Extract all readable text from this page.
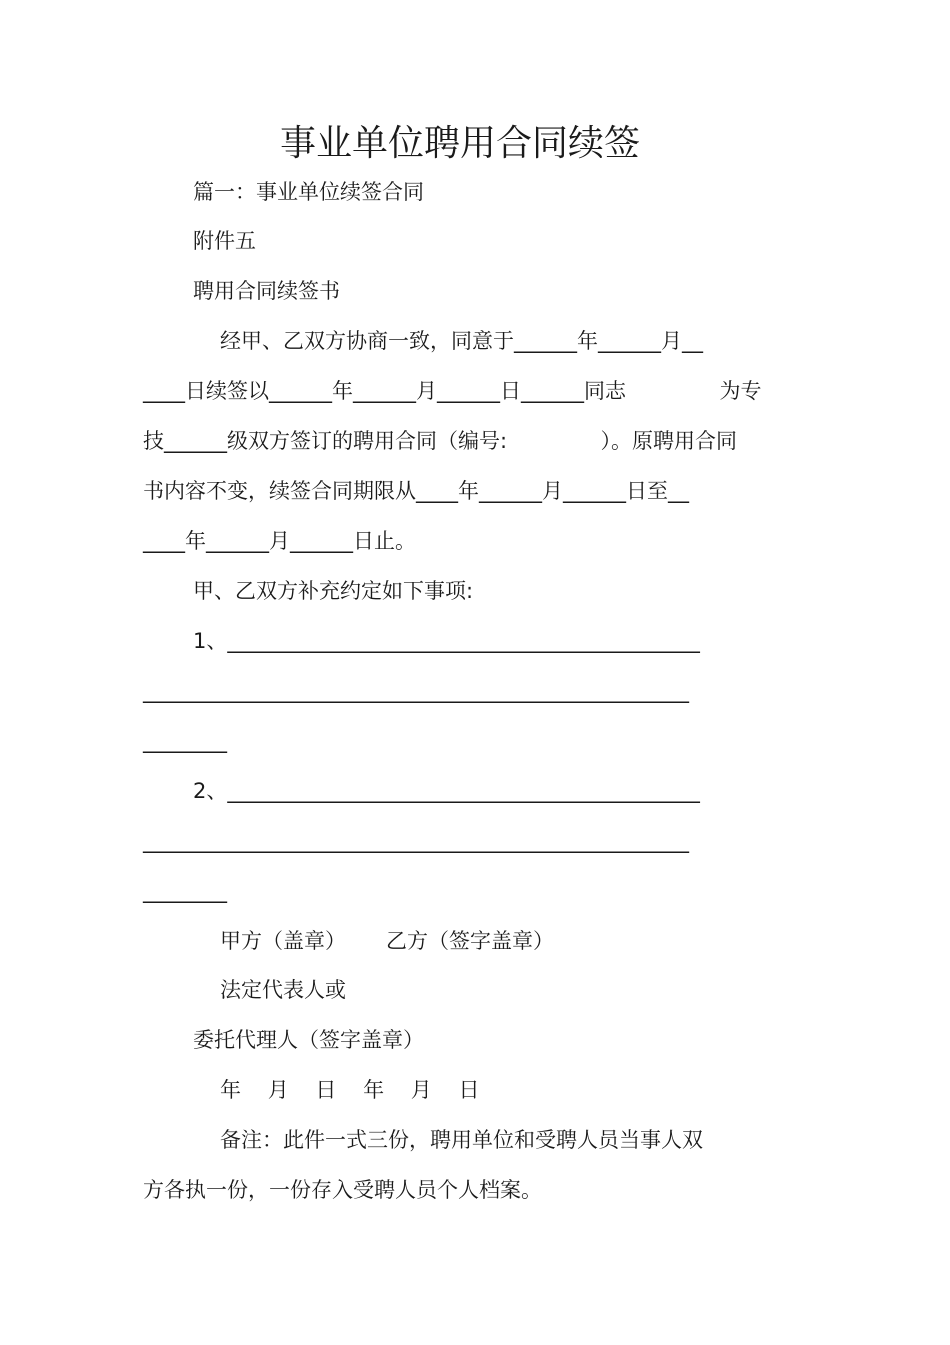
事业单位聘用合同续签
篇一：事业单位续签合同
附件五
聘用合同续签书
经甲、乙双方协商一致，同意于______年______月__
____日续签以______年______月______日______同志              为专
技______级双方签订的聘用合同（编号:              ）。原聘用合同
书内容不变，续签合同期限从____年______月______日至__
____年______月______日止。
甲、乙双方补充约定如下事项:
1、_____________________________________________
____________________________________________________
________
2、_____________________________________________
____________________________________________________
________
甲方（盖章）      乙方（签字盖章）
法定代表人或
委托代理人（签字盖章）
年    月    日    年    月    日
备注：此件一式三份，聘用单位和受聘人员当事人双
方各执一份，一份存入受聘人员个人档案。
